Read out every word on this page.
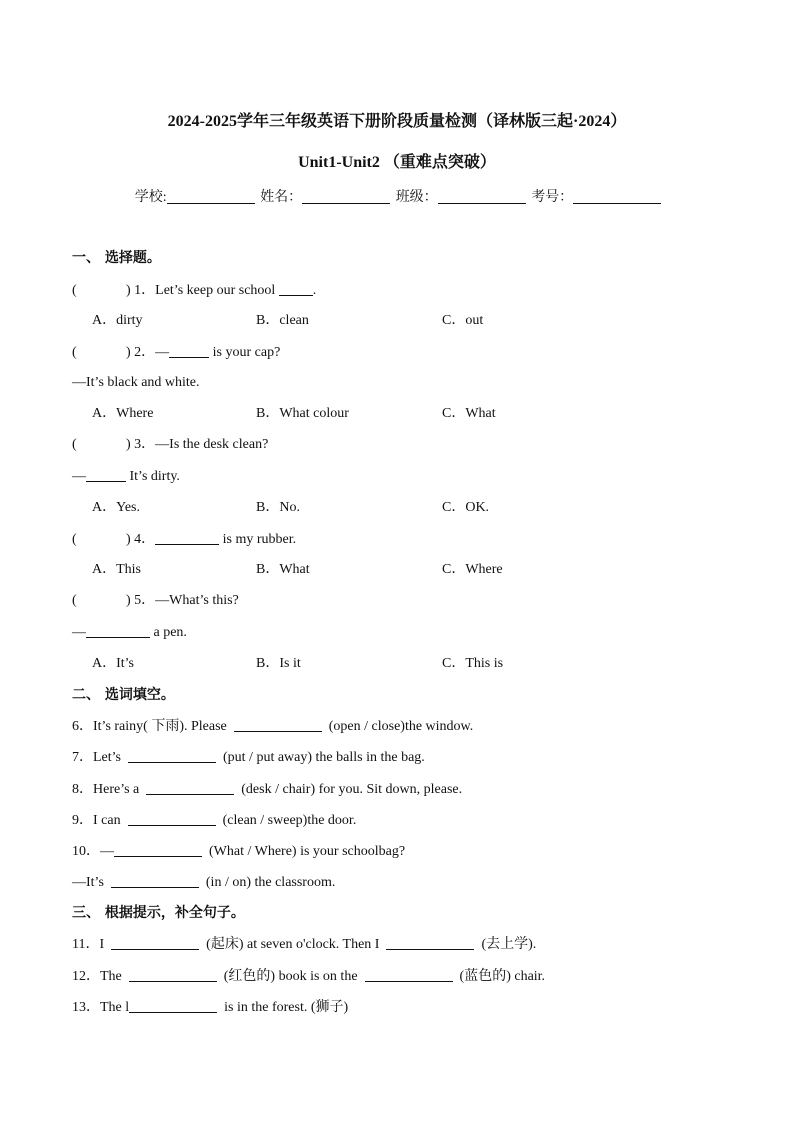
2024-2025学年三年级英语下册阶段质量检测（译林版三起·2024）
Unit1-Unit2 （重难点突破）
学校:	姓名：	班级：	考号：
一、 选择题。
(	) 1．Let’s keep our school	.
A．dirty	B．clean	C．out
(	) 2．—	is your cap?
—It’s black and white.
A．Where	B．What colour	C．What
(	) 3．—Is the desk clean?
—	It’s dirty.
A．Yes.	B．No.	C．OK.
(	) 4．	is my rubber.
A．This	B．What	C．Where
(	) 5．—What’s this?
—	a pen.
A．It’s	B．Is it	C．This is
二、 选词填空。
6．It’s rainy( 下雨). Please	(open / close)the window.
7．Let’s	(put / put away) the balls in the bag.
8．Here’s a	(desk / chair) for you. Sit down, please.
9．I can	(clean / sweep)the door.
10．—	(What / Where) is your schoolbag?
—It’s	(in / on) the classroom.
三、 根据提示，补全句子。
11．I	(起床) at seven o'clock. Then I	(去上学).
12．The	(红色的) book is on the	(蓝色的) chair.
13．The l	is in the forest. (狮子)
